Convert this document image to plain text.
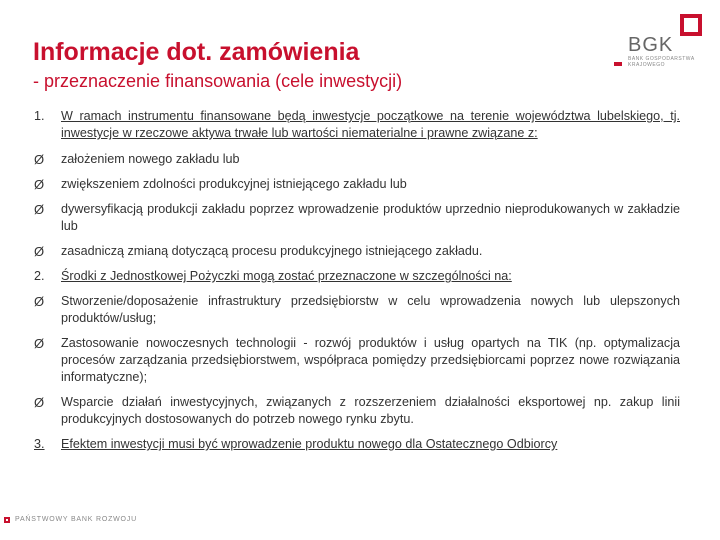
Informacje dot. zamówienia
- przeznaczenie finansowania (cele inwestycji)
BGK
BANK GOSPODARSTWA KRAJOWEGO

1. W ramach instrumentu finansowane będą inwestycje początkowe na terenie województwa lubelskiego, tj. inwestycje w rzeczowe aktywa trwałe lub wartości niematerialne i prawne związane z:

Ø założeniem nowego zakładu lub

Ø zwiększeniem zdolności produkcyjnej istniejącego zakładu lub

Ø dywersyfikacją produkcji zakładu poprzez wprowadzenie produktów uprzednio nieprodukowanych w zakładzie lub

Ø zasadniczą zmianą dotyczącą procesu produkcyjnego istniejącego zakładu.

2. Środki z Jednostkowej Pożyczki mogą zostać przeznaczone w szczególności na:

Ø Stworzenie/doposażenie infrastruktury przedsiębiorstw w celu wprowadzenia nowych lub ulepszonych produktów/usług;

Ø Zastosowanie nowoczesnych technologii - rozwój produktów i usług opartych na TIK (np. optymalizacja procesów zarządzania przedsiębiorstwem, współpraca pomiędzy przedsiębiorcami poprzez nowe rozwiązania informatyczne);

Ø Wsparcie działań inwestycyjnych, związanych z rozszerzeniem działalności eksportowej np. zakup linii produkcyjnych dostosowanych do potrzeb nowego rynku zbytu.

3. Efektem inwestycji musi być wprowadzenie produktu nowego dla Ostatecznego Odbiorcy

PAŃSTWOWY BANK ROZWOJU
